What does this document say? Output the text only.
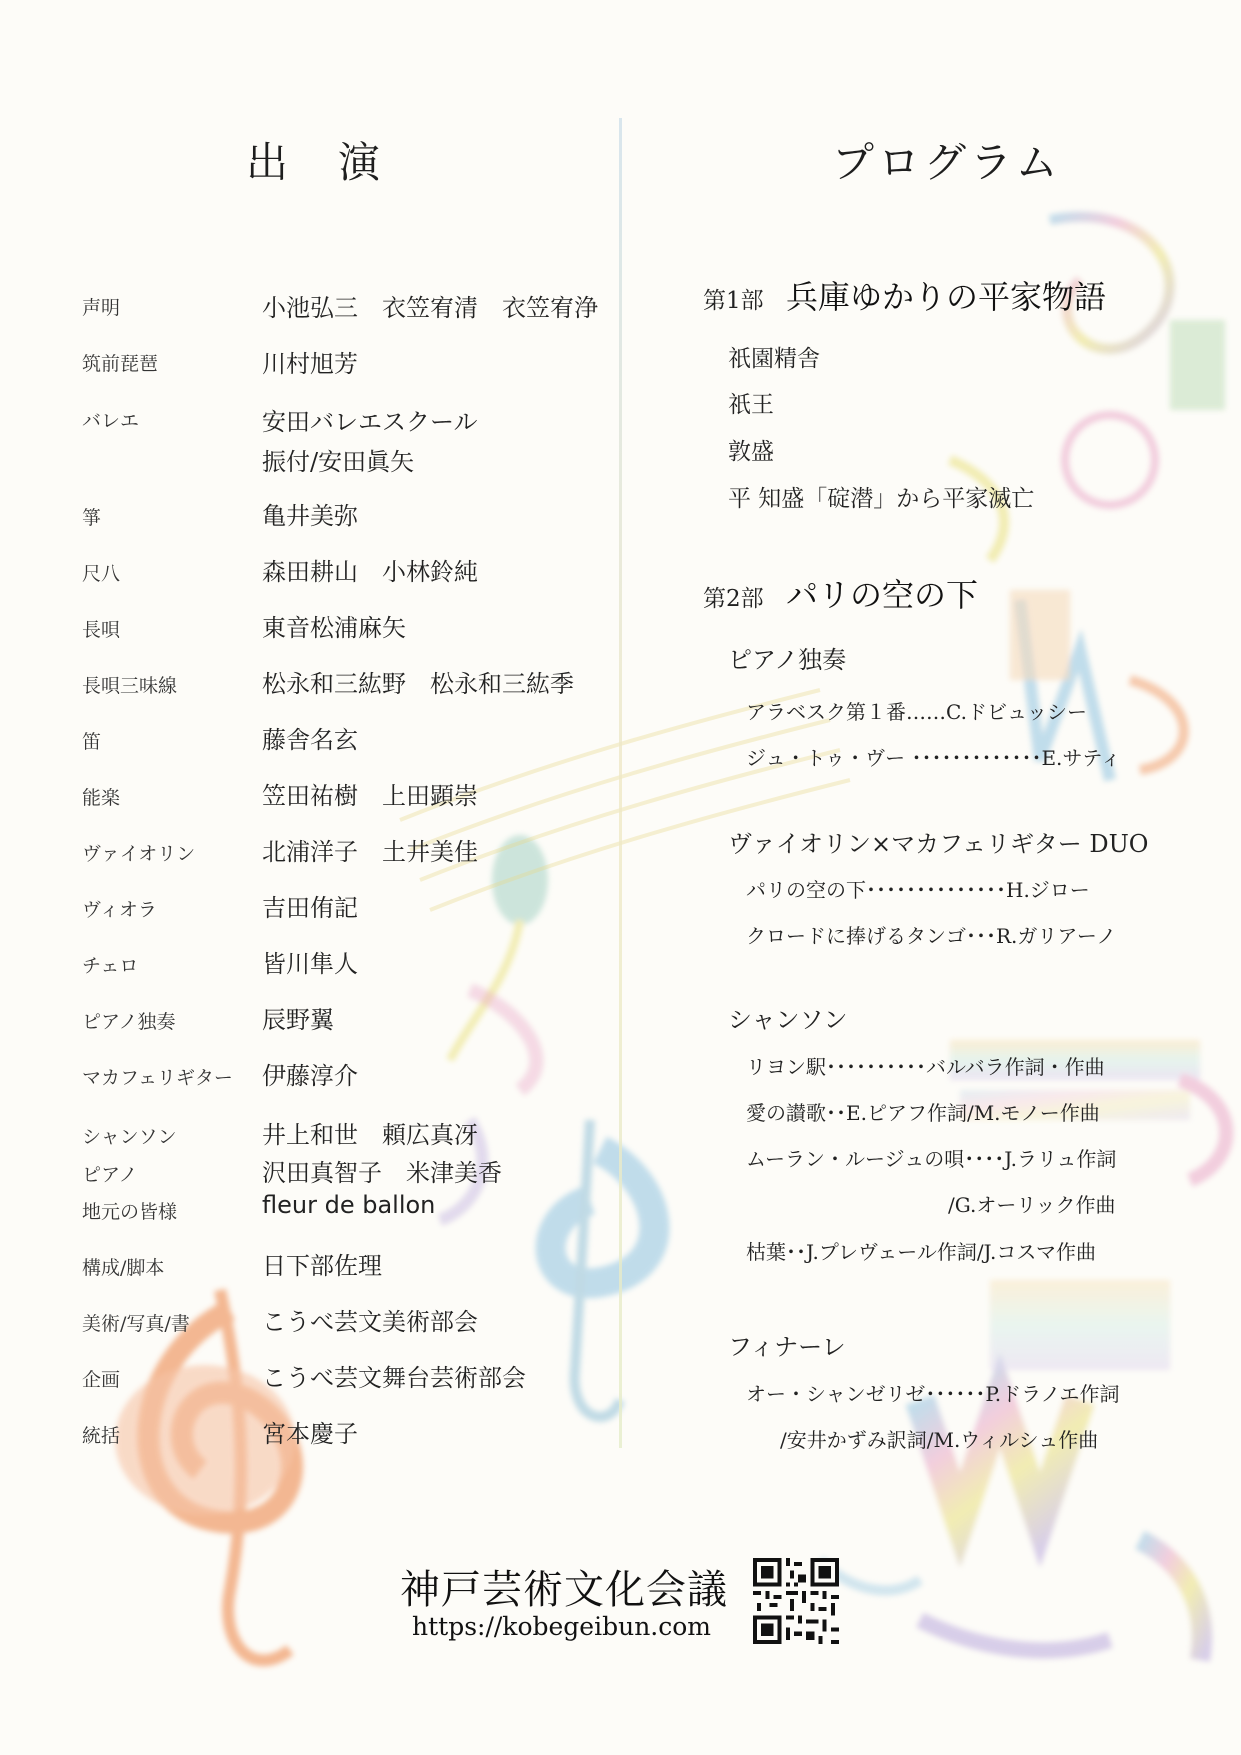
出　演
声明	小池弘三　衣笠宥清　衣笠宥浄
筑前琵琶	川村旭芳
バレエ	安田バレエスクール
振付/安田眞矢
箏	亀井美弥
尺八	森田耕山　小林鈴純
長唄	東音松浦麻矢
長唄三味線	松永和三紘野　松永和三紘季
笛	藤舎名玄
能楽	笠田祐樹　上田顕崇
ヴァイオリン	北浦洋子　土井美佳
ヴィオラ	吉田侑記
チェロ	皆川隼人
ピアノ独奏	辰野翼
マカフェリギター 伊藤淳介
シャンソン	井上和世　頼広真冴
ピアノ	沢田真智子　米津美香
地元の皆様	fleur de ballon
構成/脚本	日下部佐理
美術/写真/書	こうべ芸文美術部会
企画	こうべ芸文舞台芸術部会
統括	宮本慶子
プログラム
第1部 兵庫ゆかりの平家物語
祇園精舎
祇王
敦盛
平 知盛「碇潜」から平家滅亡
第2部 パリの空の下
ピアノ独奏
アラベスク第１番……C.ドビュッシー
ジュ・トゥ・ヴー ･････････････E.サティ
ヴァイオリン×マカフェリギター DUO
パリの空の下･･････････････H.ジロー
クロードに捧げるタンゴ･･･R.ガリアーノ
シャンソン
リヨン駅･･････････バルバラ作詞・作曲
愛の讃歌･･E.ピアフ作詞/M.モノー作曲
ムーラン・ルージュの唄････J.ラリュ作詞
/G.オーリック作曲
枯葉･･J.プレヴェール作詞/J.コスマ作曲
フィナーレ
オー・シャンゼリゼ･･････P.ドラノエ作詞
/安井かずみ訳詞/M.ウィルシュ作曲
神戸芸術文化会議
https://kobegeibun.com
